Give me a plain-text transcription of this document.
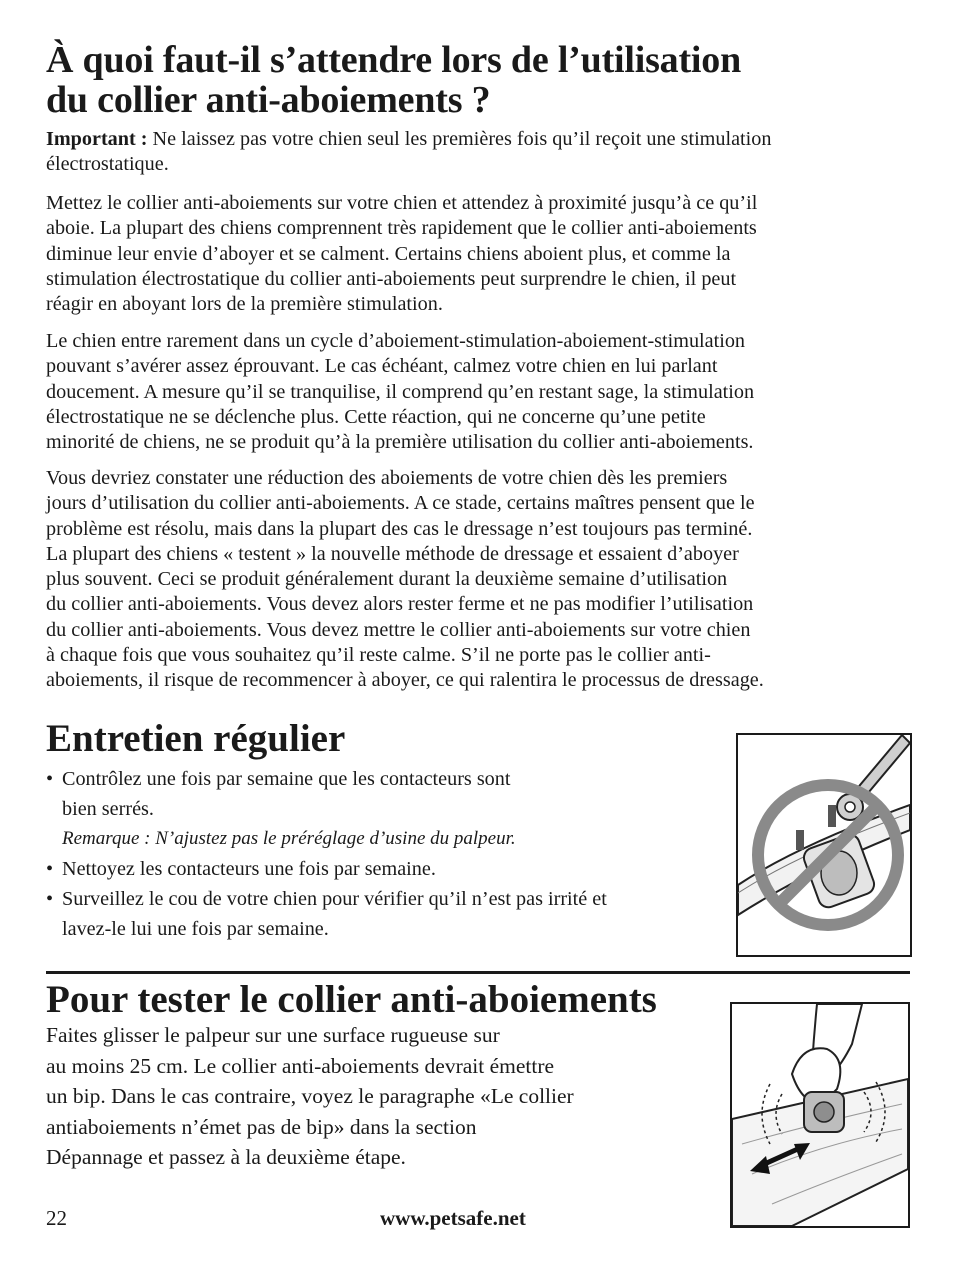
À quoi faut-il s’attendre lors de l’utilisation
du collier anti-aboiements ?
Important : Ne laissez pas votre chien seul les premières fois qu’il reçoit une stimulation
électrostatique.
Mettez le collier anti-aboiements sur votre chien et attendez à proximité jusqu’à ce qu’il
aboie. La plupart des chiens comprennent très rapidement que le collier anti-aboiements
diminue leur envie d’aboyer et se calment. Certains chiens aboient plus, et comme la
stimulation électrostatique du collier anti-aboiements peut surprendre le chien, il peut
réagir en aboyant lors de la première stimulation.
Le chien entre rarement dans un cycle d’aboiement-stimulation-aboiement-stimulation
pouvant s’avérer assez éprouvant. Le cas échéant, calmez votre chien en lui parlant
doucement. A mesure qu’il se tranquilise, il comprend qu’en restant sage, la stimulation
électrostatique ne se déclenche plus. Cette réaction, qui ne concerne qu’une petite
minorité de chiens, ne se produit qu’à la première utilisation du collier anti-aboiements.
Vous devriez constater une réduction des aboiements de votre chien dès les premiers
jours d’utilisation du collier anti-aboiements. A ce stade, certains maîtres pensent que le
problème est résolu, mais dans la plupart des cas le dressage n’est toujours pas terminé.
La plupart des chiens « testent » la nouvelle méthode de dressage et essaient d’aboyer
plus souvent. Ceci se produit généralement durant la deuxième semaine d’utilisation
du collier anti-aboiements. Vous devez alors rester ferme et ne pas modifier l’utilisation
du collier anti-aboiements. Vous devez mettre le collier anti-aboiements sur votre chien
à chaque fois que vous souhaitez qu’il reste calme. S’il ne porte pas le collier anti-
aboiements, il risque de recommencer à aboyer, ce qui ralentira le processus de dressage.
Entretien régulier
• Contrôlez une fois par semaine que les contacteurs sont
bien serrés.
Remarque : N’ajustez pas le préréglage d’usine du palpeur.
• Nettoyez les contacteurs une fois par semaine.
• Surveillez le cou de votre chien pour vérifier qu’il n’est pas irrité et
lavez-le lui une fois par semaine.
Pour tester le collier anti-aboiements
Faites glisser le palpeur sur une surface rugueuse sur
au moins 25 cm. Le collier anti-aboiements devrait émettre
un bip. Dans le cas contraire, voyez le paragraphe «Le collier
antiaboiements n’émet pas de bip» dans la section
Dépannage et passez à la deuxième étape.
22	www.petsafe.net
